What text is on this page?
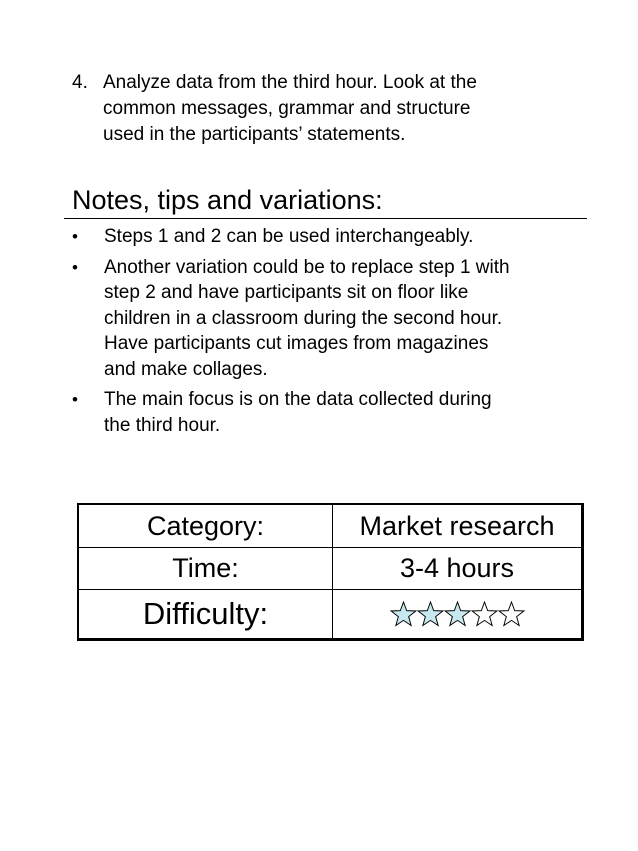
4. Analyze data from the third hour. Look at the
common messages, grammar and structure
used in the participants’ statements.
Notes, tips and variations:
• Steps 1 and 2 can be used interchangeably.
• Another variation could be to replace step 1 with
step 2 and have participants sit on floor like
children in a classroom during the second hour.
Have participants cut images from magazines
and make collages.
• The main focus is on the data collected during
the third hour.
Category:	Market research
Time:	3-4 hours
Difficulty:	
